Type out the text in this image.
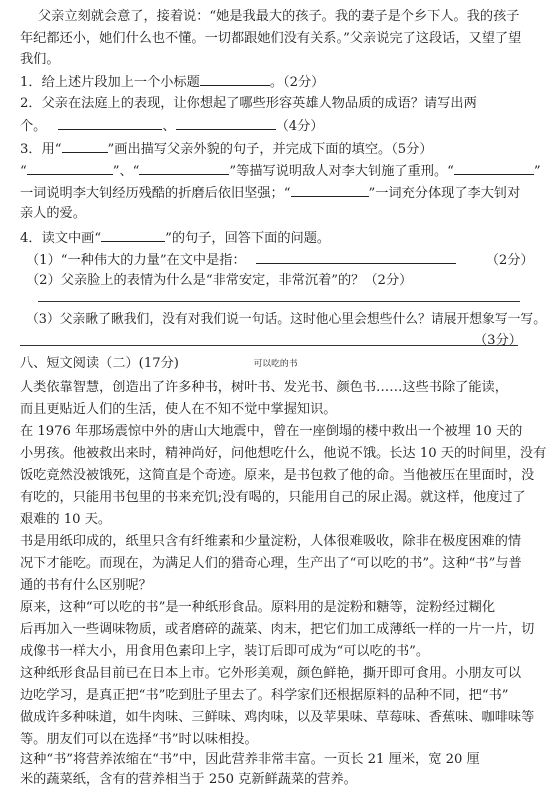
父亲立刻就会意了，接着说：“她是我最大的孩子。我的妻子是个乡下人。我的孩子
年纪都还小，她们什么也不懂。一切都跟她们没有关系。”父亲说完了这段话，又望了望
我们。
1．给上述片段加上一个小标题	。（2分）
2．父亲在法庭上的表现，让你想起了哪些形容英雄人物品质的成语？请写出两
个。	、	（4分）
3．用“	”画出描写父亲外貌的句子，并完成下面的填空。（5分）
“	”、“	”等描写说明敌人对李大钊施了重刑。“	”
一词说明李大钊经历残酷的折磨后依旧坚强；“	”一词充分体现了李大钊对
亲人的爱。
4．读文中画“	”的句子，回答下面的问题。
（1）“一种伟大的力量”在文中是指：	（2分）
（2）父亲脸上的表情为什么是“非常安定，非常沉着”的？（2分）
（3）父亲瞅了瞅我们，没有对我们说一句话。这时他心里会想些什么？请展开想象写一写。
（3分）
八、短文阅读（二）(17分)	可以吃的书
人类依靠智慧，创造出了许多种书，树叶书、发光书、颜色书……这些书除了能读，
而且更贴近人们的生活，使人在不知不觉中掌握知识。
在 1976 年那场震惊中外的唐山大地震中，曾在一座倒塌的楼中救出一个被埋 10 天的
小男孩。他被救出来时，精神尚好，问他想吃什么，他说不饿。长达 10 天的时间里，没有
饭吃竟然没被饿死，这简直是个奇迹。原来，是书包救了他的命。当他被压在里面时，没
有吃的，只能用书包里的书来充饥;没有喝的，只能用自己的尿止渴。就这样，他度过了
艰难的 10 天。
书是用纸印成的，纸里只含有纤维素和少量淀粉，人体很难吸收，除非在极度困难的情
况下才能吃。而现在，为满足人们的猎奇心理，生产出了“可以吃的书”。这种“书”与普
通的书有什么区别呢？
原来，这种“可以吃的书”是一种纸形食品。原料用的是淀粉和糖等，淀粉经过糊化
后再加入一些调味物质，或者磨碎的蔬菜、肉末，把它们加工成薄纸一样的一片一片，切
成像书一样大小，用食用色素印上字，装订后即可成为“可以吃的书”。
这种纸形食品目前已在日本上市。它外形美观，颜色鲜艳，撕开即可食用。小朋友可以
边吃学习，是真正把“书”吃到肚子里去了。科学家们还根据原料的品种不同，把“书”
做成许多种味道，如牛肉味、三鲜味、鸡肉味，以及苹果味、草莓味、香蕉味、咖啡味等
等。朋友们可以在选择“书”时以味相投。
这种“书”将营养浓缩在“书”中，因此营养非常丰富。一页长 21 厘米，宽 20 厘
米的蔬菜纸，含有的营养相当于 250 克新鲜蔬菜的营养。
